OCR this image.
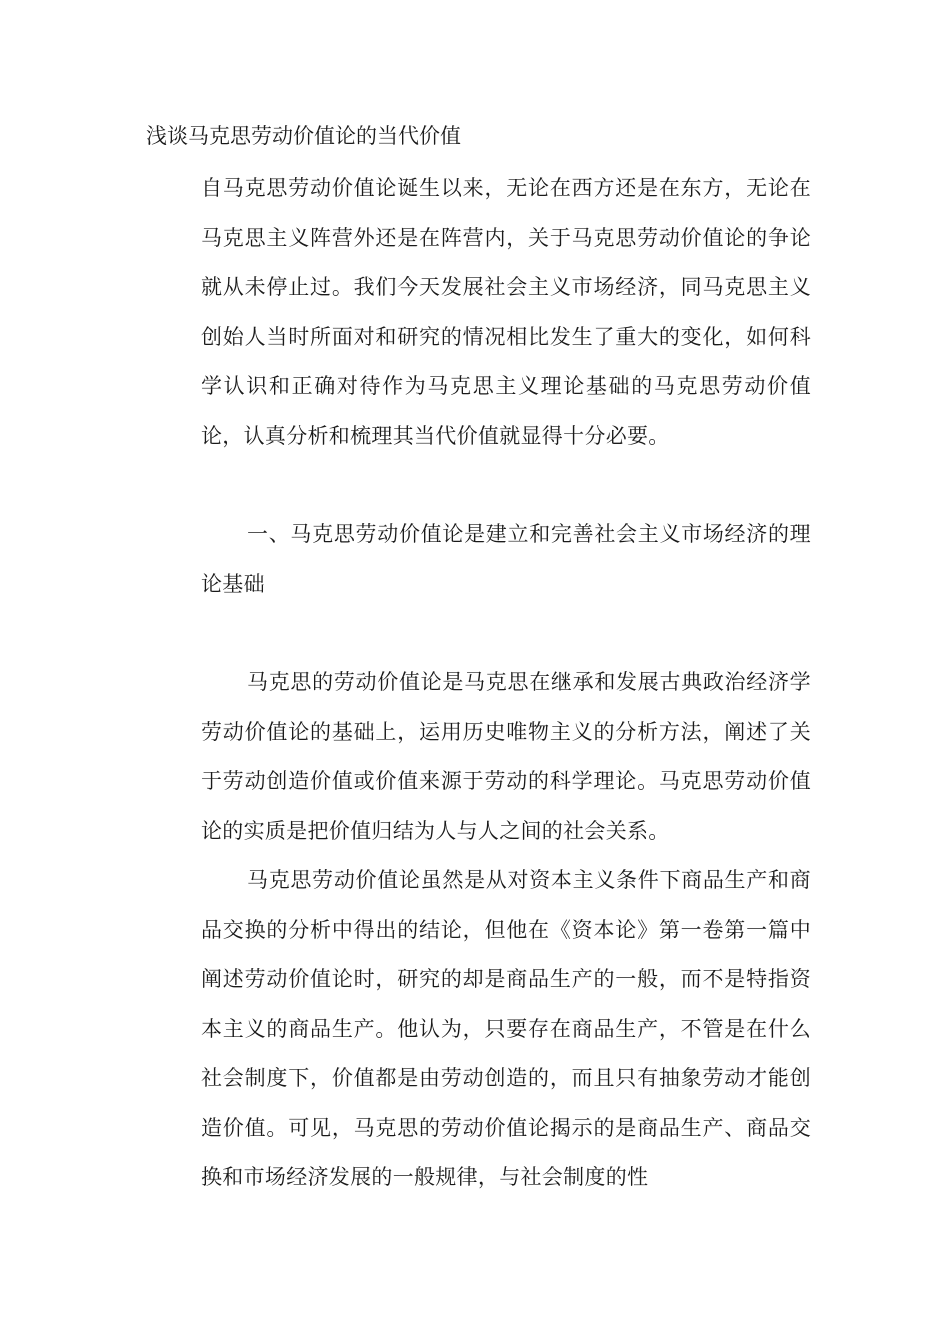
浅谈马克思劳动价值论的当代价值

自马克思劳动价值论诞生以来，无论在西方还是在东方，无论在马克思主义阵营外还是在阵营内，关于马克思劳动价值论的争论就从未停止过。我们今天发展社会主义市场经济，同马克思主义创始人当时所面对和研究的情况相比发生了重大的变化，如何科学认识和正确对待作为马克思主义理论基础的马克思劳动价值论，认真分析和梳理其当代价值就显得十分必要。

一、马克思劳动价值论是建立和完善社会主义市场经济的理论基础

马克思的劳动价值论是马克思在继承和发展古典政治经济学劳动价值论的基础上，运用历史唯物主义的分析方法，阐述了关于劳动创造价值或价值来源于劳动的科学理论。马克思劳动价值论的实质是把价值归结为人与人之间的社会关系。

马克思劳动价值论虽然是从对资本主义条件下商品生产和商品交换的分析中得出的结论，但他在《资本论》第一卷第一篇中阐述劳动价值论时，研究的却是商品生产的一般，而不是特指资本主义的商品生产。他认为，只要存在商品生产，不管是在什么社会制度下，价值都是由劳动创造的，而且只有抽象劳动才能创造价值。可见，马克思的劳动价值论揭示的是商品生产、商品交换和市场经济发展的一般规律，与社会制度的性
